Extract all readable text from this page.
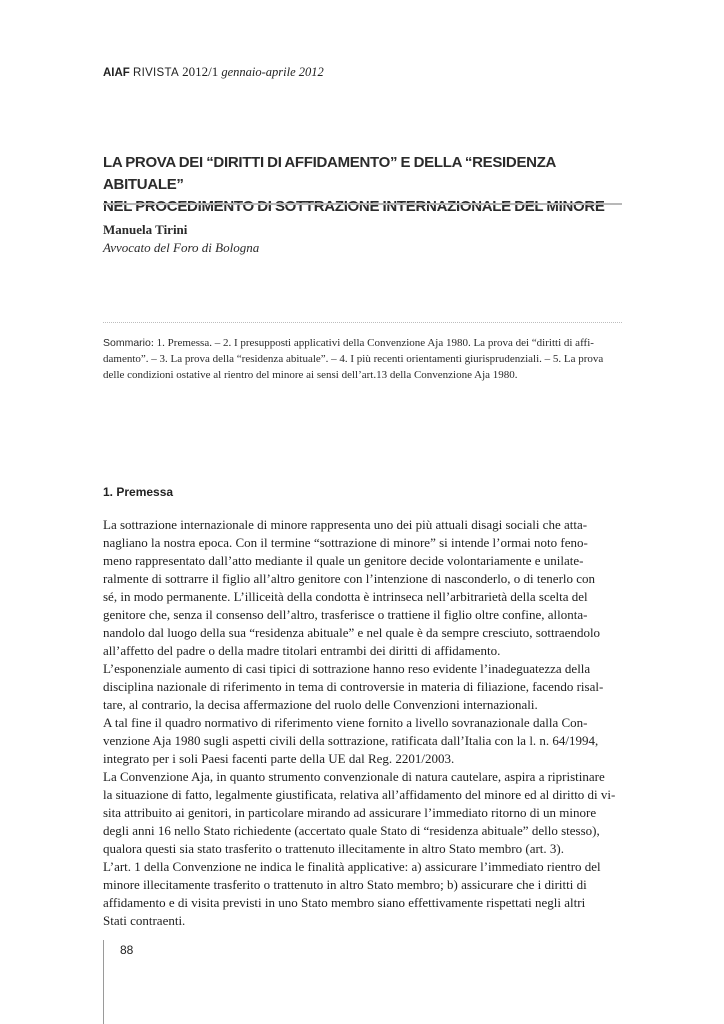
AIAF RIVISTA 2012/1 gennaio-aprile 2012
LA PROVA DEI “DIRITTI DI AFFIDAMENTO” E DELLA “RESIDENZA ABITUALE”
NEL PROCEDIMENTO DI SOTTRAZIONE INTERNAZIONALE DEL MINORE
Manuela Tirini
Avvocato del Foro di Bologna
Sommario: 1. Premessa. – 2. I presupposti applicativi della Convenzione Aja 1980. La prova dei “diritti di affi-
damento”. – 3. La prova della “residenza abituale”. – 4. I più recenti orientamenti giurisprudenziali. – 5. La prova
delle condizioni ostative al rientro del minore ai sensi dell’art.13 della Convenzione Aja 1980.
1. Premessa
La sottrazione internazionale di minore rappresenta uno dei più attuali disagi sociali che atta-
nagliano la nostra epoca. Con il termine “sottrazione di minore” si intende l’ormai noto feno-
meno rappresentato dall’atto mediante il quale un genitore decide volontariamente e unilate-
ralmente di sottrarre il figlio all’altro genitore con l’intenzione di nasconderlo, o di tenerlo con
sé, in modo permanente. L’illiceità della condotta è intrinseca nell’arbitrarietà della scelta del
genitore che, senza il consenso dell’altro, trasferisce o trattiene il figlio oltre confine, allonta-
nandolo dal luogo della sua “residenza abituale” e nel quale è da sempre cresciuto, sottraendolo
all’affetto del padre o della madre titolari entrambi dei diritti di affidamento.
L’esponenziale aumento di casi tipici di sottrazione hanno reso evidente l’inadeguatezza della
disciplina nazionale di riferimento in tema di controversie in materia di filiazione, facendo risal-
tare, al contrario, la decisa affermazione del ruolo delle Convenzioni internazionali.
A tal fine il quadro normativo di riferimento viene fornito a livello sovranazionale dalla Con-
venzione Aja 1980 sugli aspetti civili della sottrazione, ratificata dall’Italia con la l. n. 64/1994,
integrato per i soli Paesi facenti parte della UE dal Reg. 2201/2003.
La Convenzione Aja, in quanto strumento convenzionale di natura cautelare, aspira a ripristinare
la situazione di fatto, legalmente giustificata, relativa all’affidamento del minore ed al diritto di vi-
sita attribuito ai genitori, in particolare mirando ad assicurare l’immediato ritorno di un minore
degli anni 16 nello Stato richiedente (accertato quale Stato di “residenza abituale” dello stesso),
qualora questi sia stato trasferito o trattenuto illecitamente in altro Stato membro (art. 3).
L’art. 1 della Convenzione ne indica le finalità applicative: a) assicurare l’immediato rientro del
minore illecitamente trasferito o trattenuto in altro Stato membro; b) assicurare che i diritti di
affidamento e di visita previsti in uno Stato membro siano effettivamente rispettati negli altri
Stati contraenti.
88
